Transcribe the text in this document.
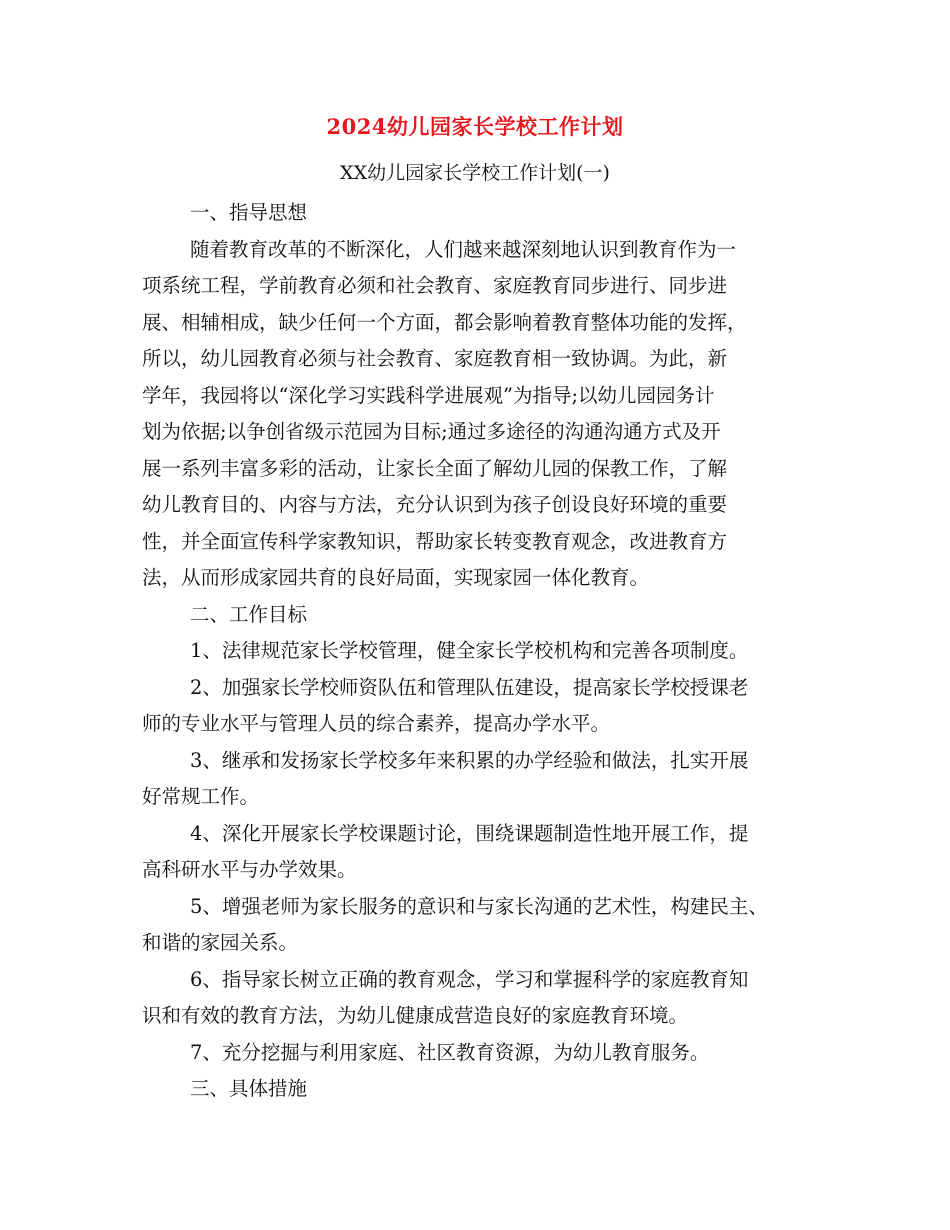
2024幼儿园家长学校工作计划
XX幼儿园家长学校工作计划(一)

一、指导思想

随着教育改革的不断深化，人们越来越深刻地认识到教育作为一
项系统工程，学前教育必须和社会教育、家庭教育同步进行、同步进
展、相辅相成，缺少任何一个方面，都会影响着教育整体功能的发挥，
所以，幼儿园教育必须与社会教育、家庭教育相一致协调。为此，新
学年，我园将以“深化学习实践科学进展观”为指导;以幼儿园园务计
划为依据;以争创省级示范园为目标;通过多途径的沟通沟通方式及开
展一系列丰富多彩的活动，让家长全面了解幼儿园的保教工作，了解
幼儿教育目的、内容与方法，充分认识到为孩子创设良好环境的重要
性，并全面宣传科学家教知识，帮助家长转变教育观念，改进教育方
法，从而形成家园共育的良好局面，实现家园一体化教育。

二、工作目标

1、法律规范家长学校管理，健全家长学校机构和完善各项制度。

2、加强家长学校师资队伍和管理队伍建设，提高家长学校授课老
师的专业水平与管理人员的综合素养，提高办学水平。

3、继承和发扬家长学校多年来积累的办学经验和做法，扎实开展
好常规工作。

4、深化开展家长学校课题讨论，围绕课题制造性地开展工作，提
高科研水平与办学效果。

5、增强老师为家长服务的意识和与家长沟通的艺术性，构建民主、
和谐的家园关系。

6、指导家长树立正确的教育观念，学习和掌握科学的家庭教育知
识和有效的教育方法，为幼儿健康成营造良好的家庭教育环境。

7、充分挖掘与利用家庭、社区教育资源，为幼儿教育服务。

三、具体措施
